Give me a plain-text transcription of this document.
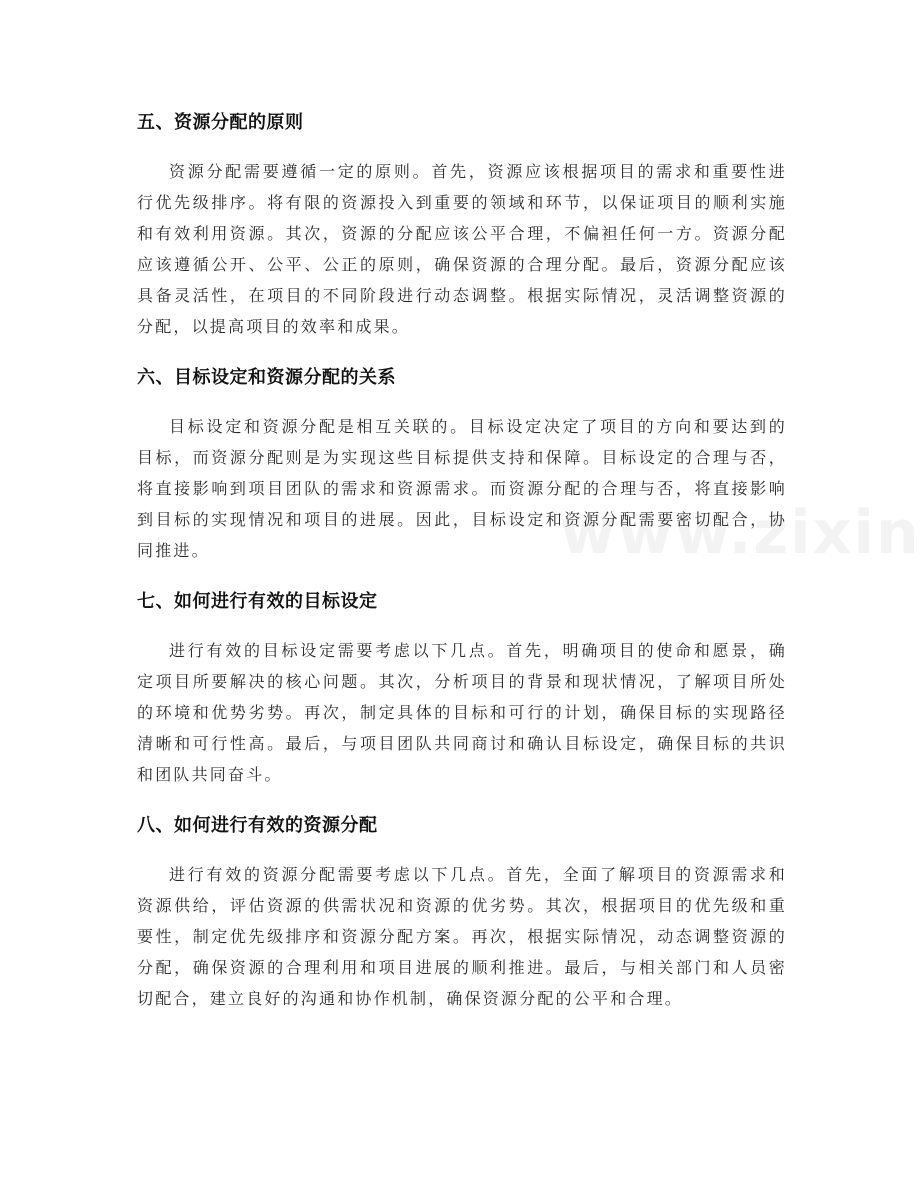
五、资源分配的原则

资源分配需要遵循一定的原则。首先，资源应该根据项目的需求和重要性进行优先级排序。将有限的资源投入到重要的领域和环节，以保证项目的顺利实施和有效利用资源。其次，资源的分配应该公平合理，不偏袒任何一方。资源分配应该遵循公开、公平、公正的原则，确保资源的合理分配。最后，资源分配应该具备灵活性，在项目的不同阶段进行动态调整。根据实际情况，灵活调整资源的分配，以提高项目的效率和成果。

六、目标设定和资源分配的关系

目标设定和资源分配是相互关联的。目标设定决定了项目的方向和要达到的目标，而资源分配则是为实现这些目标提供支持和保障。目标设定的合理与否，将直接影响到项目团队的需求和资源需求。而资源分配的合理与否，将直接影响到目标的实现情况和项目的进展。因此，目标设定和资源分配需要密切配合，协同推进。

七、如何进行有效的目标设定

进行有效的目标设定需要考虑以下几点。首先，明确项目的使命和愿景，确定项目所要解决的核心问题。其次，分析项目的背景和现状情况，了解项目所处的环境和优势劣势。再次，制定具体的目标和可行的计划，确保目标的实现路径清晰和可行性高。最后，与项目团队共同商讨和确认目标设定，确保目标的共识和团队共同奋斗。

八、如何进行有效的资源分配

进行有效的资源分配需要考虑以下几点。首先，全面了解项目的资源需求和资源供给，评估资源的供需状况和资源的优劣势。其次，根据项目的优先级和重要性，制定优先级排序和资源分配方案。再次，根据实际情况，动态调整资源的分配，确保资源的合理利用和项目进展的顺利推进。最后，与相关部门和人员密切配合，建立良好的沟通和协作机制，确保资源分配的公平和合理。
